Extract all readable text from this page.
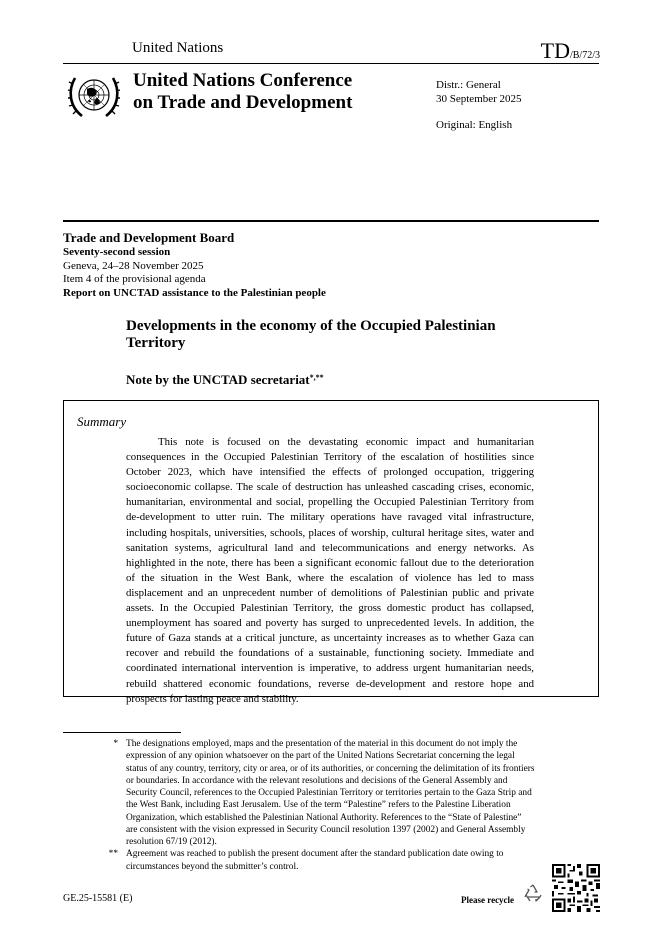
United Nations	TD/B/72/3
United Nations Conference
on Trade and Development
Distr.: General
30 September 2025
Original: English
Trade and Development Board
Seventy-second session
Geneva, 24–28 November 2025
Item 4 of the provisional agenda
Report on UNCTAD assistance to the Palestinian people
Developments in the economy of the Occupied Palestinian Territory
Note by the UNCTAD secretariat*,**
Summary
This note is focused on the devastating economic impact and humanitarian consequences in the Occupied Palestinian Territory of the escalation of hostilities since October 2023, which have intensified the effects of prolonged occupation, triggering socioeconomic collapse. The scale of destruction has unleashed cascading crises, economic, humanitarian, environmental and social, propelling the Occupied Palestinian Territory from de-development to utter ruin. The military operations have ravaged vital infrastructure, including hospitals, universities, schools, places of worship, cultural heritage sites, water and sanitation systems, agricultural land and telecommunications and energy networks. As highlighted in the note, there has been a significant economic fallout due to the deterioration of the situation in the West Bank, where the escalation of violence has led to mass displacement and an unprecedent number of demolitions of Palestinian public and private assets. In the Occupied Palestinian Territory, the gross domestic product has collapsed, unemployment has soared and poverty has surged to unprecedented levels. In addition, the future of Gaza stands at a critical juncture, as uncertainty increases as to whether Gaza can recover and rebuild the foundations of a sustainable, functioning society. Immediate and coordinated international intervention is imperative, to address urgent humanitarian needs, rebuild shattered economic foundations, reverse de-development and restore hope and prospects for lasting peace and stability.
* The designations employed, maps and the presentation of the material in this document do not imply the expression of any opinion whatsoever on the part of the United Nations Secretariat concerning the legal status of any country, territory, city or area, or of its authorities, or concerning the delimitation of its frontiers or boundaries. In accordance with the relevant resolutions and decisions of the General Assembly and Security Council, references to the Occupied Palestinian Territory or territories pertain to the Gaza Strip and the West Bank, including East Jerusalem. Use of the term “Palestine” refers to the Palestine Liberation Organization, which established the Palestinian National Authority. References to the “State of Palestine” are consistent with the vision expressed in Security Council resolution 1397 (2002) and General Assembly resolution 67/19 (2012).
** Agreement was reached to publish the present document after the standard publication date owing to circumstances beyond the submitter’s control.
GE.25-15581 (E)	Please recycle
